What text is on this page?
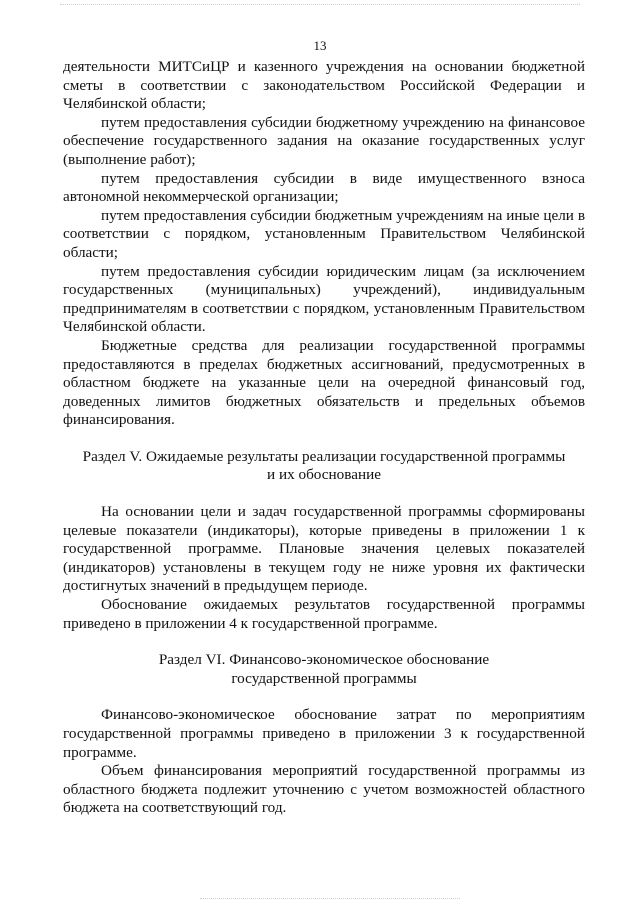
13

деятельности МИТСиЦР и казенного учреждения на основании бюджетной сметы в соответствии с законодательством Российской Федерации и Челябинской области;

путем предоставления субсидии бюджетному учреждению на финансовое обеспечение государственного задания на оказание государственных услуг (выполнение работ);

путем предоставления субсидии в виде имущественного взноса автономной некоммерческой организации;

путем предоставления субсидии бюджетным учреждениям на иные цели в соответствии с порядком, установленным Правительством Челябинской области;

путем предоставления субсидии юридическим лицам (за исключением государственных (муниципальных) учреждений), индивидуальным предпринимателям в соответствии с порядком, установленным Правительством Челябинской области.

Бюджетные средства для реализации государственной программы предоставляются в пределах бюджетных ассигнований, предусмотренных в областном бюджете на указанные цели на очередной финансовый год, доведенных лимитов бюджетных обязательств и предельных объемов финансирования.

Раздел V. Ожидаемые результаты реализации государственной программы
и их обоснование

На основании цели и задач государственной программы сформированы целевые показатели (индикаторы), которые приведены в приложении 1 к государственной программе. Плановые значения целевых показателей (индикаторов) установлены в текущем году не ниже уровня их фактически достигнутых значений в предыдущем периоде.

Обоснование ожидаемых результатов государственной программы приведено в приложении 4 к государственной программе.

Раздел VI. Финансово-экономическое обоснование
государственной программы

Финансово-экономическое обоснование затрат по мероприятиям государственной программы приведено в приложении 3 к государственной программе.

Объем финансирования мероприятий государственной программы из областного бюджета подлежит уточнению с учетом возможностей областного бюджета на соответствующий год.
